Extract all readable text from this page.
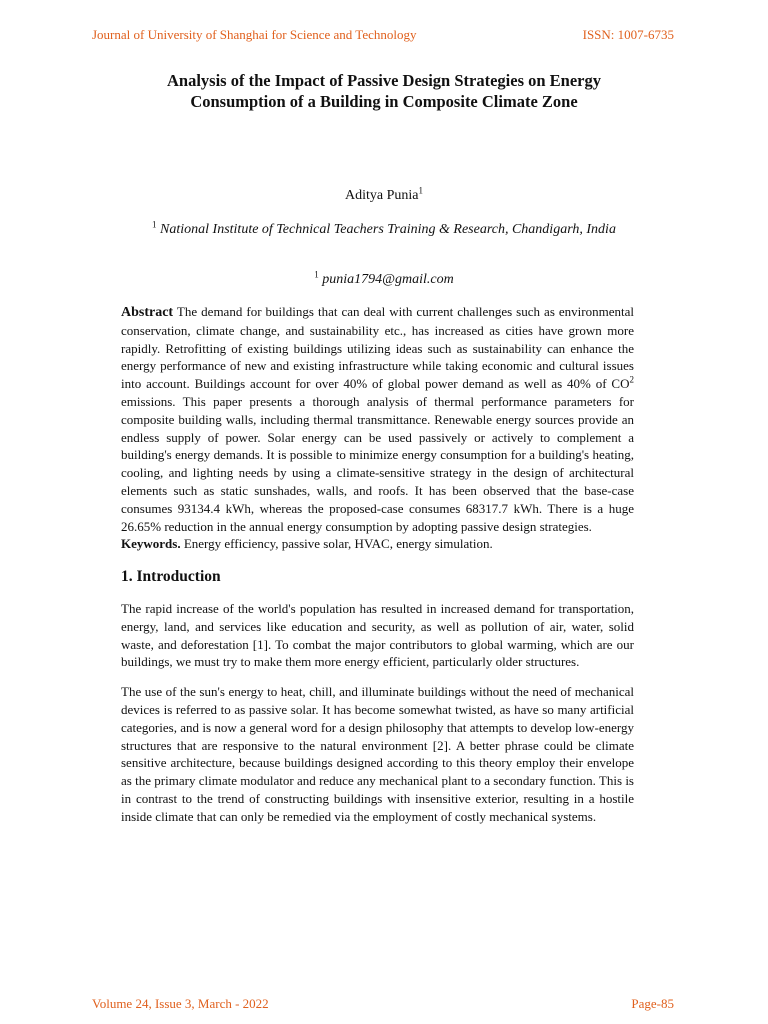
Journal of University of Shanghai for Science and Technology	ISSN: 1007-6735
Analysis of the Impact of Passive Design Strategies on Energy
Consumption of a Building in Composite Climate Zone
Aditya Punia$^1$
$^1$ National Institute of Technical Teachers Training & Research, Chandigarh, India
$^1$ punia1794@gmail.com

Abstract The demand for buildings that can deal with current challenges such as environmental conservation, climate change, and sustainability etc., has increased as cities have grown more rapidly. Retrofitting of existing buildings utilizing ideas such as sustainability can enhance the energy performance of new and existing infrastructure while taking economic and cultural issues into account. Buildings account for over 40% of global power demand as well as 40% of $CO^2$ emissions. This paper presents a thorough analysis of thermal performance parameters for composite building walls, including thermal transmittance. Renewable energy sources provide an endless supply of power. Solar energy can be used passively or actively to complement a building's energy demands. It is possible to minimize energy consumption for a building's heating, cooling, and lighting needs by using a climate-sensitive strategy in the design of architectural elements such as static sunshades, walls, and roofs. It has been observed that the base-case consumes 93134.4 kWh, whereas the proposed-case consumes 68317.7 kWh. There is a huge 26.65% reduction in the annual energy consumption by adopting passive design strategies.

Keywords. Energy efficiency, passive solar, HVAC, energy simulation.

1. Introduction

The rapid increase of the world's population has resulted in increased demand for transportation, energy, land, and services like education and security, as well as pollution of air, water, solid waste, and deforestation [1]. To combat the major contributors to global warming, which are our buildings, we must try to make them more energy efficient, particularly older structures.

The use of the sun's energy to heat, chill, and illuminate buildings without the need of mechanical devices is referred to as passive solar. It has become somewhat twisted, as have so many artificial categories, and is now a general word for a design philosophy that attempts to develop low-energy structures that are responsive to the natural environment [2]. A better phrase could be climate sensitive architecture, because buildings designed according to this theory employ their envelope as the primary climate modulator and reduce any mechanical plant to a secondary function. This is in contrast to the trend of constructing buildings with insensitive exterior, resulting in a hostile inside climate that can only be remedied via the employment of costly mechanical systems.

Volume 24, Issue 3, March - 2022	Page-85
